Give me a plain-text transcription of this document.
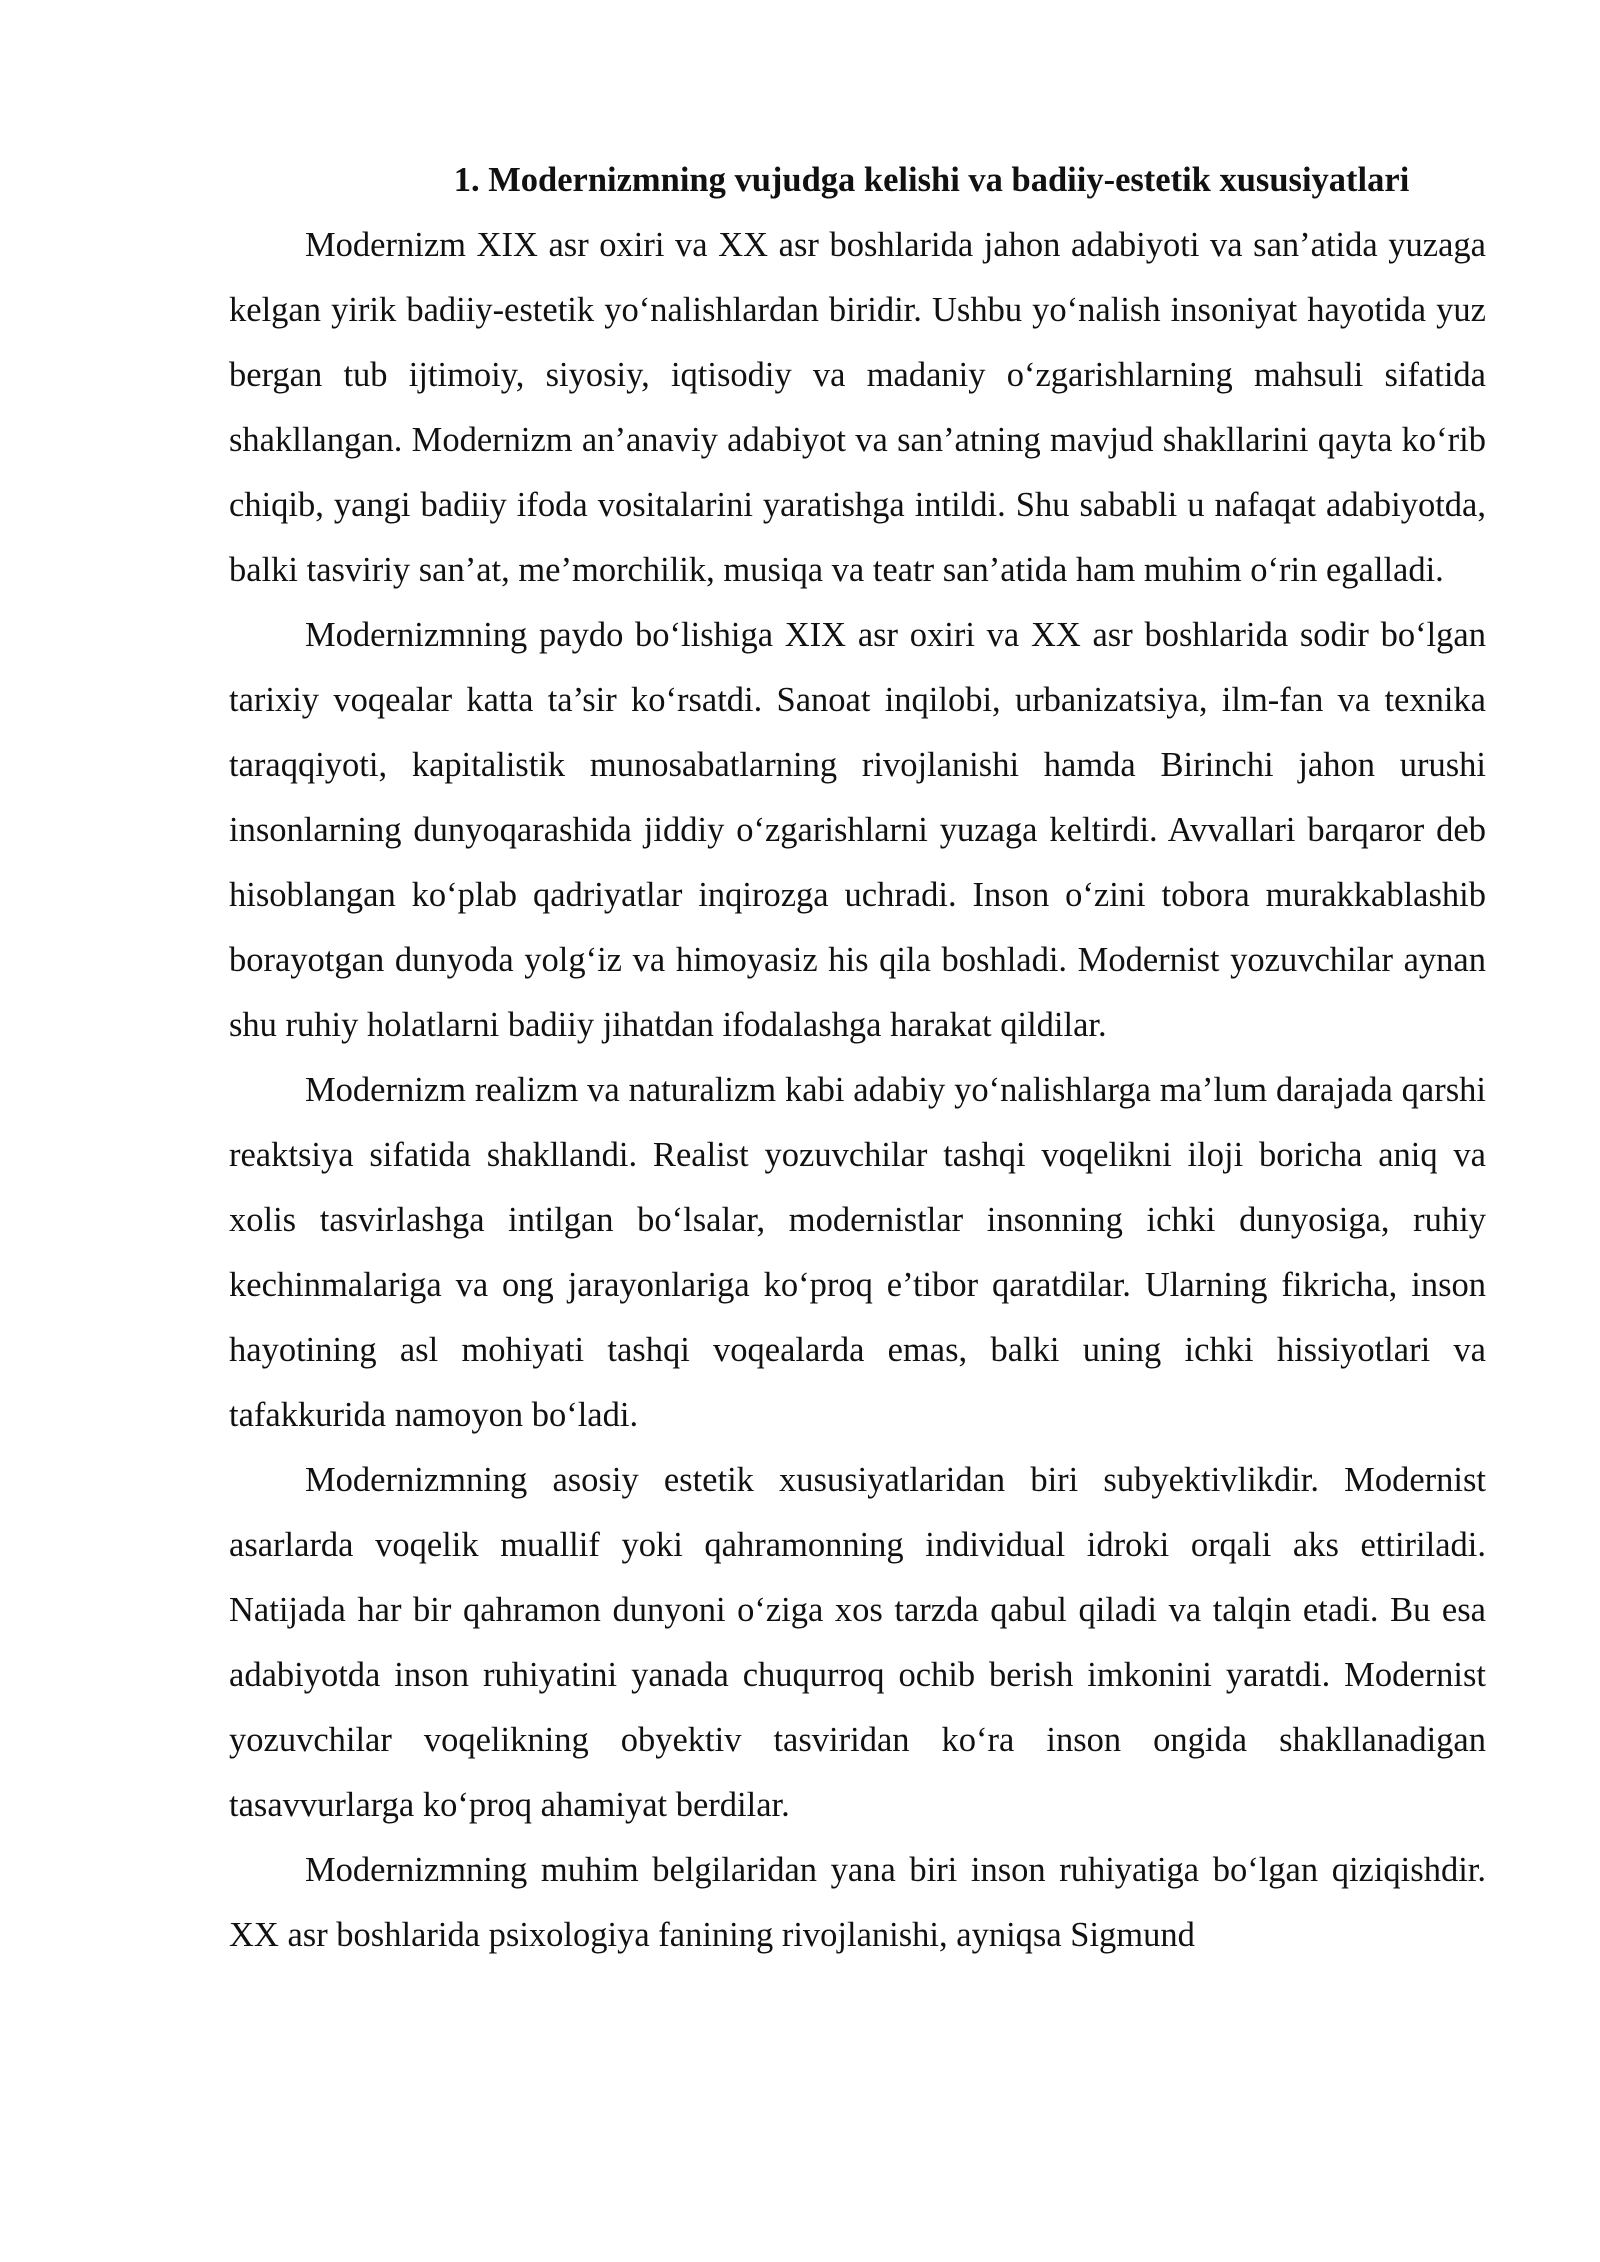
1. Modernizmning vujudga kelishi va badiiy-estetik xususiyatlari

Modernizm XIX asr oxiri va XX asr boshlarida jahon adabiyoti va san’atida yuzaga kelgan yirik badiiy-estetik yo‘nalishlardan biridir. Ushbu yo‘nalish insoniyat hayotida yuz bergan tub ijtimoiy, siyosiy, iqtisodiy va madaniy o‘zgarishlarning mahsuli sifatida shakllangan. Modernizm an’anaviy adabiyot va san’atning mavjud shakllarini qayta ko‘rib chiqib, yangi badiiy ifoda vositalarini yaratishga intildi. Shu sababli u nafaqat adabiyotda, balki tasviriy san’at, me’morchilik, musiqa va teatr san’atida ham muhim o‘rin egalladi.

Modernizmning paydo bo‘lishiga XIX asr oxiri va XX asr boshlarida sodir bo‘lgan tarixiy voqealar katta ta’sir ko‘rsatdi. Sanoat inqilobi, urbanizatsiya, ilm-fan va texnika taraqqiyoti, kapitalistik munosabatlarning rivojlanishi hamda Birinchi jahon urushi insonlarning dunyoqarashida jiddiy o‘zgarishlarni yuzaga keltirdi. Avvallari barqaror deb hisoblangan ko‘plab qadriyatlar inqirozga uchradi. Inson o‘zini tobora murakkablashib borayotgan dunyoda yolg‘iz va himoyasiz his qila boshladi. Modernist yozuvchilar aynan shu ruhiy holatlarni badiiy jihatdan ifodalashga harakat qildilar.

Modernizm realizm va naturalizm kabi adabiy yo‘nalishlarga ma’lum darajada qarshi reaktsiya sifatida shakllandi. Realist yozuvchilar tashqi voqelikni iloji boricha aniq va xolis tasvirlashga intilgan bo‘lsalar, modernistlar insonning ichki dunyosiga, ruhiy kechinmalariga va ong jarayonlariga ko‘proq e’tibor qaratdilar. Ularning fikricha, inson hayotining asl mohiyati tashqi voqealarda emas, balki uning ichki hissiyotlari va tafakkurida namoyon bo‘ladi.

Modernizmning asosiy estetik xususiyatlaridan biri subyektivlikdir. Modernist asarlarda voqelik muallif yoki qahramonning individual idroki orqali aks ettiriladi. Natijada har bir qahramon dunyoni o‘ziga xos tarzda qabul qiladi va talqin etadi. Bu esa adabiyotda inson ruhiyatini yanada chuqurroq ochib berish imkonini yaratdi. Modernist yozuvchilar voqelikning obyektiv tasviridan ko‘ra inson ongida shakllanadigan tasavvurlarga ko‘proq ahamiyat berdilar.

Modernizmning muhim belgilaridan yana biri inson ruhiyatiga bo‘lgan qiziqishdir. XX asr boshlarida psixologiya fanining rivojlanishi, ayniqsa Sigmund
